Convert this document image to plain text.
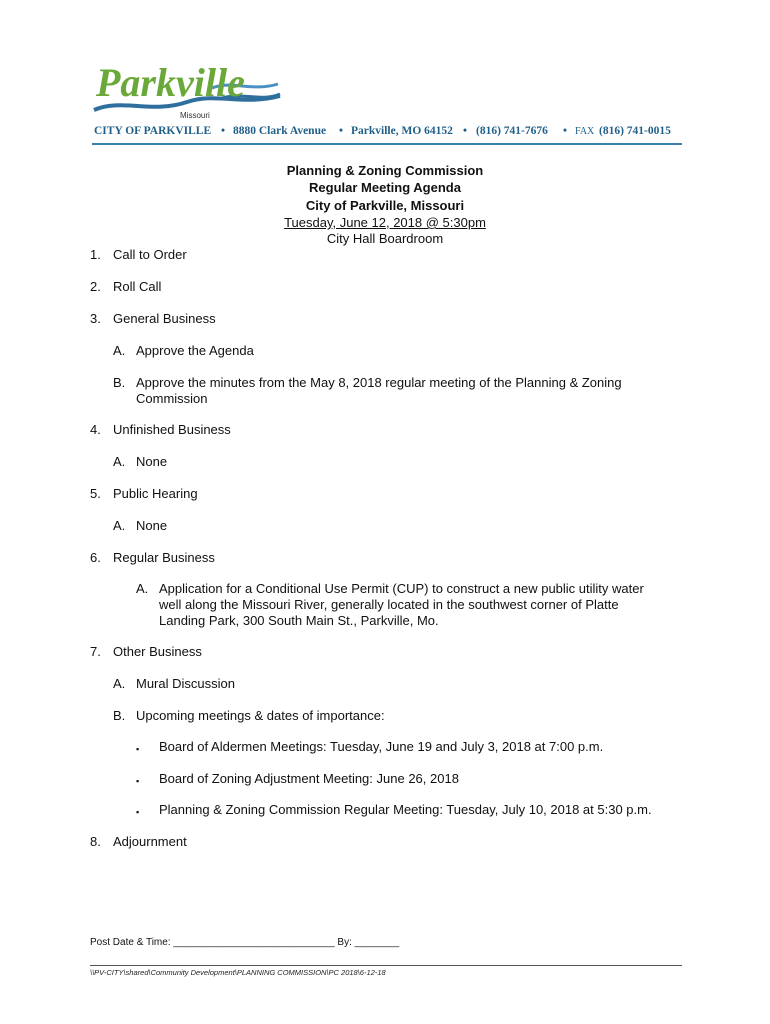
Parkville
Missouri
CITY OF PARKVILLE • 8880 Clark Avenue • Parkville, MO 64152 • (816) 741-7676 • FAX (816) 741-0015
Planning & Zoning Commission
Regular Meeting Agenda
City of Parkville, Missouri
Tuesday, June 12, 2018 @ 5:30pm
City Hall Boardroom
1. Call to Order
2. Roll Call
3. General Business
A. Approve the Agenda
B. Approve the minutes from the May 8, 2018 regular meeting of the Planning & Zoning Commission
4. Unfinished Business
A. None
5. Public Hearing
A. None
6. Regular Business
A. Application for a Conditional Use Permit (CUP) to construct a new public utility water well along the Missouri River, generally located in the southwest corner of Platte Landing Park, 300 South Main St., Parkville, Mo.
7. Other Business
A. Mural Discussion
B. Upcoming meetings & dates of importance:
▪ Board of Aldermen Meetings: Tuesday, June 19 and July 3, 2018 at 7:00 p.m.
▪ Board of Zoning Adjustment Meeting: June 26, 2018
▪ Planning & Zoning Commission Regular Meeting: Tuesday, July 10, 2018 at 5:30 p.m.
8. Adjournment
Post Date & Time: _____________________________ By: ________
\\PV-CITY\shared\Community Development\PLANNING COMMISSION\PC 2018\6-12-18
